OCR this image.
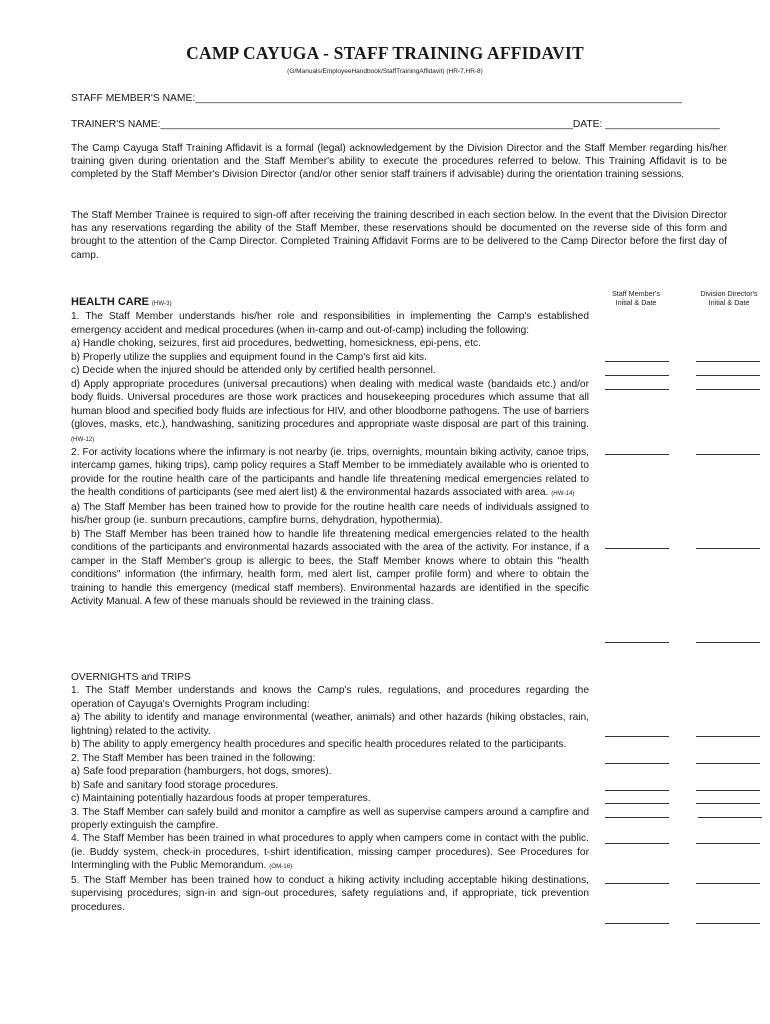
CAMP CAYUGA - STAFF TRAINING AFFIDAVIT
(G/Manuals/EmployeeHandbook/StaffTrainingAffidavit) (HR-7,HR-8)
STAFF MEMBER'S NAME:_____________________________________________________________________________________
TRAINER'S NAME:________________________________________________________________________DATE: ____________________
The Camp Cayuga Staff Training Affidavit is a formal (legal) acknowledgement by the Division Director and the Staff Member regarding his/her training given during orientation and the Staff Member's ability to execute the procedures referred to below. This Training Affidavit is to be completed by the Staff Member's Division Director (and/or other senior staff trainers if advisable) during the orientation training sessions.
The Staff Member Trainee is required to sign-off after receiving the training described in each section below. In the event that the Division Director has any reservations regarding the ability of the Staff Member, these reservations should be documented on the reverse side of this form and brought to the attention of the Camp Director. Completed Training Affidavit Forms are to be delivered to the Camp Director before the first day of camp.
Staff Member's
Initial & Date
Division Director's
Initial & Date

HEALTH CARE (HW-3)

1. The Staff Member understands his/her role and responsibilities in implementing the Camp's established emergency accident and medical procedures (when in-camp and out-of-camp) including the following:

a) Handle choking, seizures, first aid procedures, bedwetting, homesickness, epi-pens, etc.

b) Properly utilize the supplies and equipment found in the Camp's first aid kits.

c) Decide when the injured should be attended only by certified health personnel.

d) Apply appropriate procedures (universal precautions) when dealing with medical waste (bandaids etc.) and/or body fluids. Universal procedures are those work practices and housekeeping procedures which assume that all human blood and specified body fluids are infectious for HIV, and other bloodborne pathogens. The use of barriers (gloves, masks, etc.), handwashing, sanitizing procedures and appropriate waste disposal are part of this training. (HW-12)

2. For activity locations where the infirmary is not nearby (ie. trips, overnights, mountain biking activity, canoe trips, intercamp games, hiking trips), camp policy requires a Staff Member to be immediately available who is oriented to provide for the routine health care of the participants and handle life threatening medical emergencies related to the health conditions of participants (see med alert list) & the environmental hazards associated with area. (HW-14)

a) The Staff Member has been trained how to provide for the routine health care needs of individuals assigned to his/her group (ie. sunburn precautions, campfire burns, dehydration, hypothermia).

b) The Staff Member has been trained how to handle life threatening medical emergencies related to the health conditions of the participants and environmental hazards associated with the area of the activity. For instance, if a camper in the Staff Member's group is allergic to bees, the Staff Member knows where to obtain this "health conditions" information (the infirmary, health form, med alert list, camper profile form) and where to obtain the training to handle this emergency (medical staff members). Environmental hazards are identified in the specific Activity Manual. A few of these manuals should be reviewed in the training class.

OVERNIGHTS and TRIPS

1. The Staff Member understands and knows the Camp's rules, regulations, and procedures regarding the operation of Cayuga's Overnights Program including:

a) The ability to identify and manage environmental (weather, animals) and other hazards (hiking obstacles, rain, lightning) related to the activity.

b) The ability to apply emergency health procedures and specific health procedures related to the participants.

2. The Staff Member has been trained in the following:

a) Safe food preparation (hamburgers, hot dogs, smores).

b) Safe and sanitary food storage procedures.

c) Maintaining potentially hazardous foods at proper temperatures.

3. The Staff Member can safely build and monitor a campfire as well as supervise campers around a campfire and properly extinguish the campfire.

4. The Staff Member has been trained in what procedures to apply when campers come in contact with the public. (ie. Buddy system, check-in procedures, t-shirt identification, missing camper procedures). See Procedures for Intermingling with the Public Memorandum. (OM-16)

5. The Staff Member has been trained how to conduct a hiking activity including acceptable hiking destinations, supervising procedures, sign-in and sign-out procedures, safety regulations and, if appropriate, tick prevention procedures.
